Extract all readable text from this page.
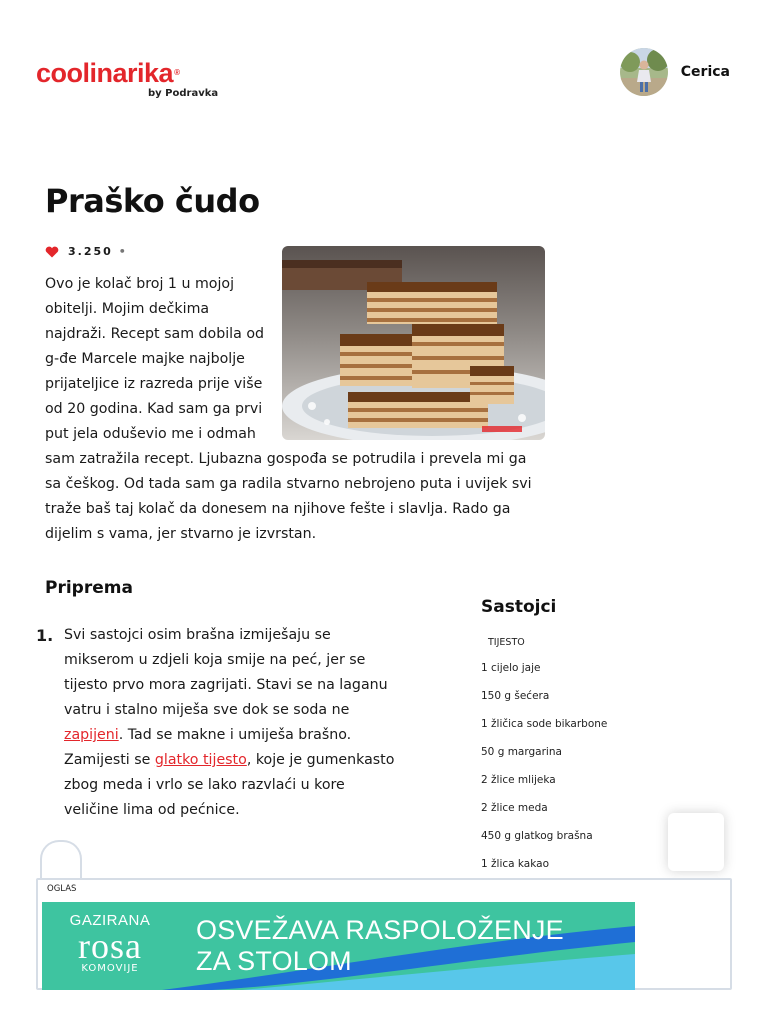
coolinarika®
by Podravka
Cerica
Praško čudo
3.250 •
Ovo je kolač broj 1 u mojoj obitelji. Mojim dečkima najdraži. Recept sam dobila od g-đe Marcele majke najbolje prijateljice iz razreda prije više od 20 godina. Kad sam ga prvi put jela oduševio me i odmah sam zatražila recept. Ljubazna gospođa se potrudila i prevela mi ga sa češkog. Od tada sam ga radila stvarno nebrojeno puta i uvijek svi traže baš taj kolač da donesem na njihove fešte i slavlja. Rado ga dijelim s vama, jer stvarno je izvrstan.
Priprema
1. Svi sastojci osim brašna izmiješaju se mikserom u zdjeli koja smije na peć, jer se tijesto prvo mora zagrijati. Stavi se na laganu vatru i stalno miješa sve dok se soda ne zapijeni. Tad se makne i umiješa brašno. Zamijesti se glatko tijesto, koje je gumenkasto zbog meda i vrlo se lako razvlaći u kore veličine lima od pećnice.

Sastojci
TIJESTO

1 cijelo jaje

150 g šećera

1 žličica sode bikarbone

50 g margarina

2 žlice mlijeka

2 žlice meda

450 g glatkog brašna

1 žlica kakao

OGLAS
GAZIRANA
rosa
KOMOVIJE
OSVEŽAVA RASPOLOŽENJE
ZA STOLOM
